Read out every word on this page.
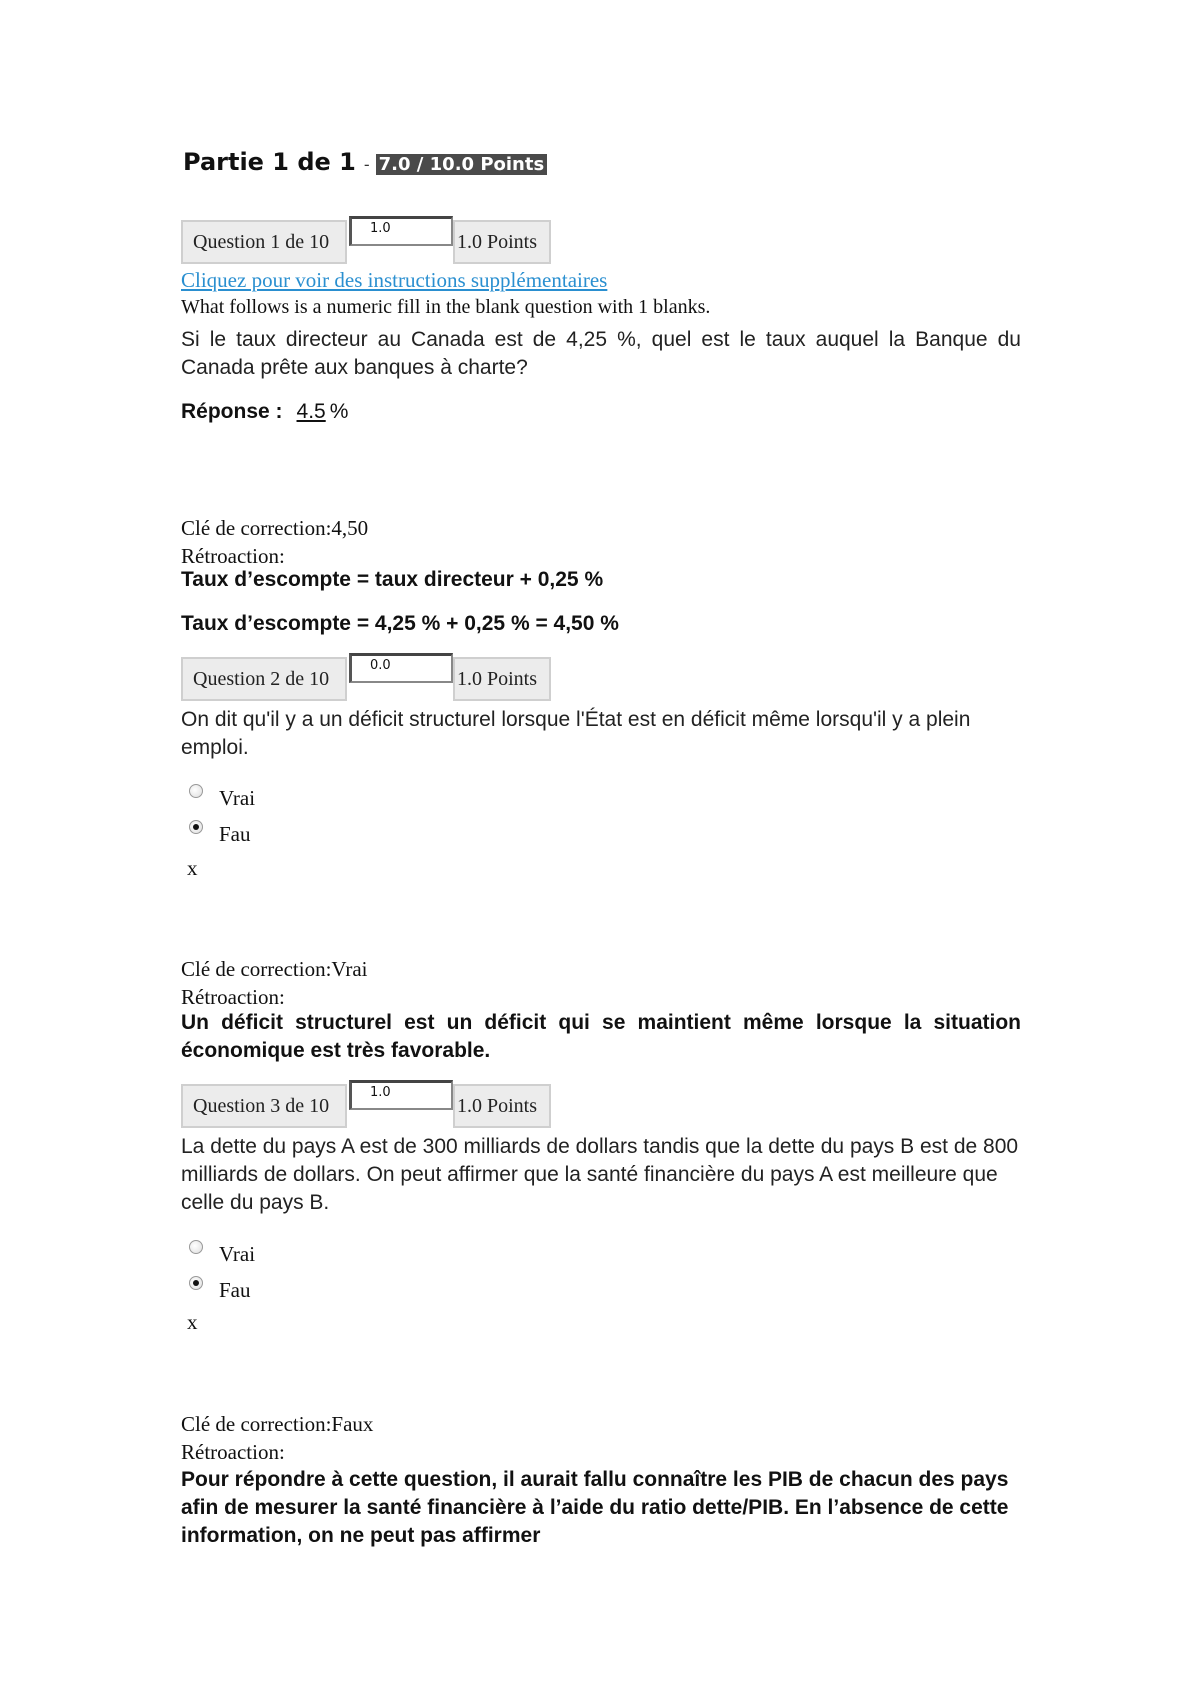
Partie 1 de 1 - 7.0 / 10.0 Points
Question 1 de 10
1.0
1.0 Points
Cliquez pour voir des instructions supplémentaires
What follows is a numeric fill in the blank question with 1 blanks.
Si le taux directeur au Canada est de 4,25 %, quel est le taux auquel la Banque du Canada prête aux banques à charte?
Réponse : 4.5 %
Clé de correction:4,50
Rétroaction:
Taux d’escompte = taux directeur + 0,25 %
Taux d’escompte = 4,25 % + 0,25 % = 4,50 %
Question 2 de 10
0.0
1.0 Points
On dit qu'il y a un déficit structurel lorsque l'État est en déficit même lorsqu'il y a plein emploi.
Vrai
Fau
x
Clé de correction:Vrai
Rétroaction:
Un déficit structurel est un déficit qui se maintient même lorsque la situation économique est très favorable.
Question 3 de 10
1.0
1.0 Points
La dette du pays A est de 300 milliards de dollars tandis que la dette du pays B est de 800 milliards de dollars. On peut affirmer que la santé financière du pays A est meilleure que celle du pays B.
Vrai
Fau
x
Clé de correction:Faux
Rétroaction:
Pour répondre à cette question, il aurait fallu connaître les PIB de chacun des pays afin de mesurer la santé financière à l’aide du ratio dette/PIB. En l’absence de cette information, on ne peut pas affirmer
